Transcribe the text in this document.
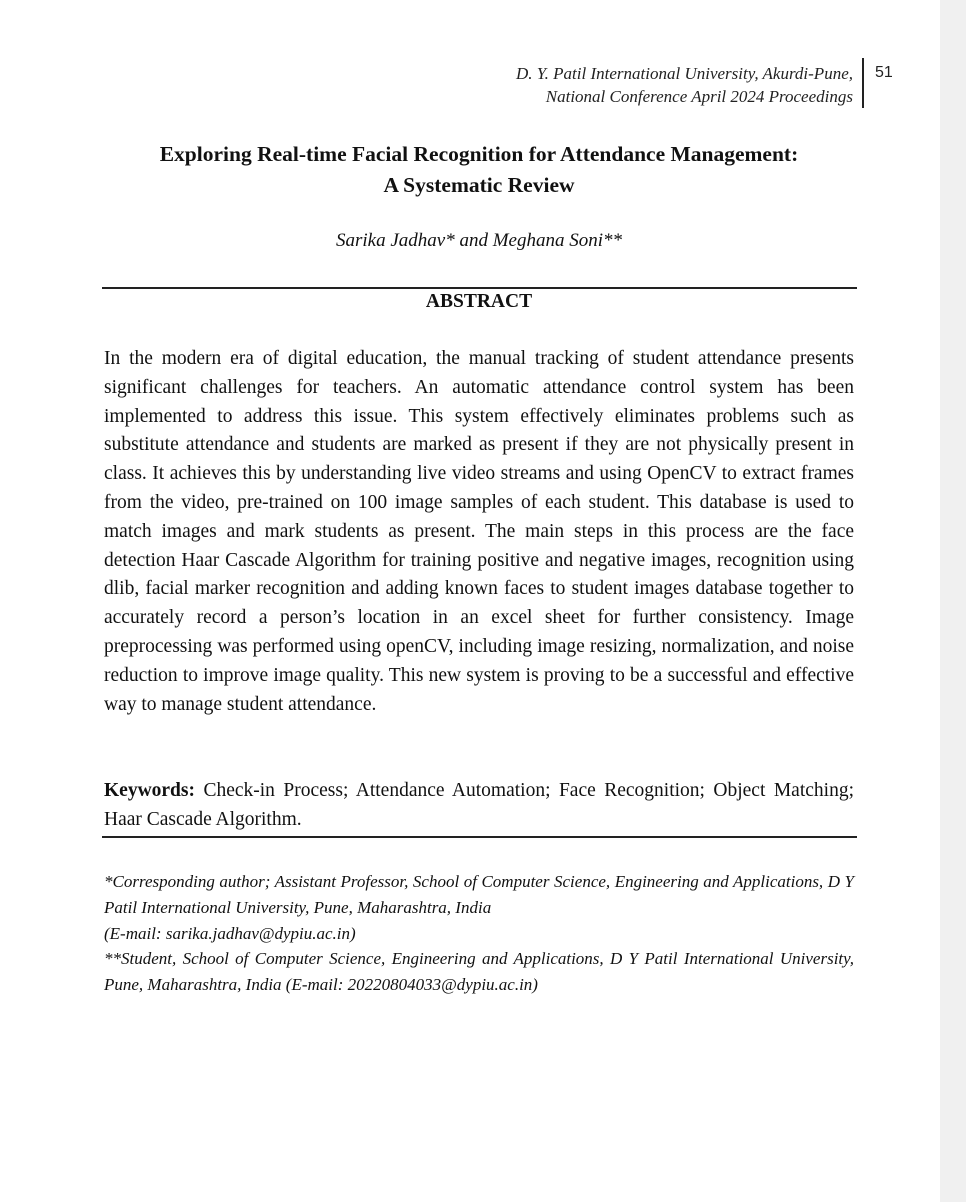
D. Y. Patil International University, Akurdi-Pune,
National Conference April 2024 Proceedings
51
Exploring Real-time Facial Recognition for Attendance Management:
A Systematic Review
Sarika Jadhav* and Meghana Soni**
ABSTRACT

In the modern era of digital education, the manual tracking of student attendance presents significant challenges for teachers. An automatic attendance control system has been implemented to address this issue. This system effectively eliminates problems such as substitute attendance and students are marked as present if they are not physically present in class. It achieves this by understanding live video streams and using OpenCV to extract frames from the video, pre-trained on 100 image samples of each student. This database is used to match images and mark students as present. The main steps in this process are the face detection Haar Cascade Algorithm for training positive and negative images, recognition using dlib, facial marker recognition and adding known faces to student images database together to accurately record a person’s location in an excel sheet for further consistency. Image preprocessing was performed using openCV, including image resizing, normalization, and noise reduction to improve image quality. This new system is proving to be a successful and effective way to manage student attendance.

Keywords: Check-in Process; Attendance Automation; Face Recognition; Object Matching; Haar Cascade Algorithm.

*Corresponding author; Assistant Professor, School of Computer Science, Engineering and Applications, D Y Patil International University, Pune, Maharashtra, India

(E-mail: sarika.jadhav@dypiu.ac.in)

**Student, School of Computer Science, Engineering and Applications, D Y Patil International University, Pune, Maharashtra, India (E-mail: 20220804033@dypiu.ac.in)
